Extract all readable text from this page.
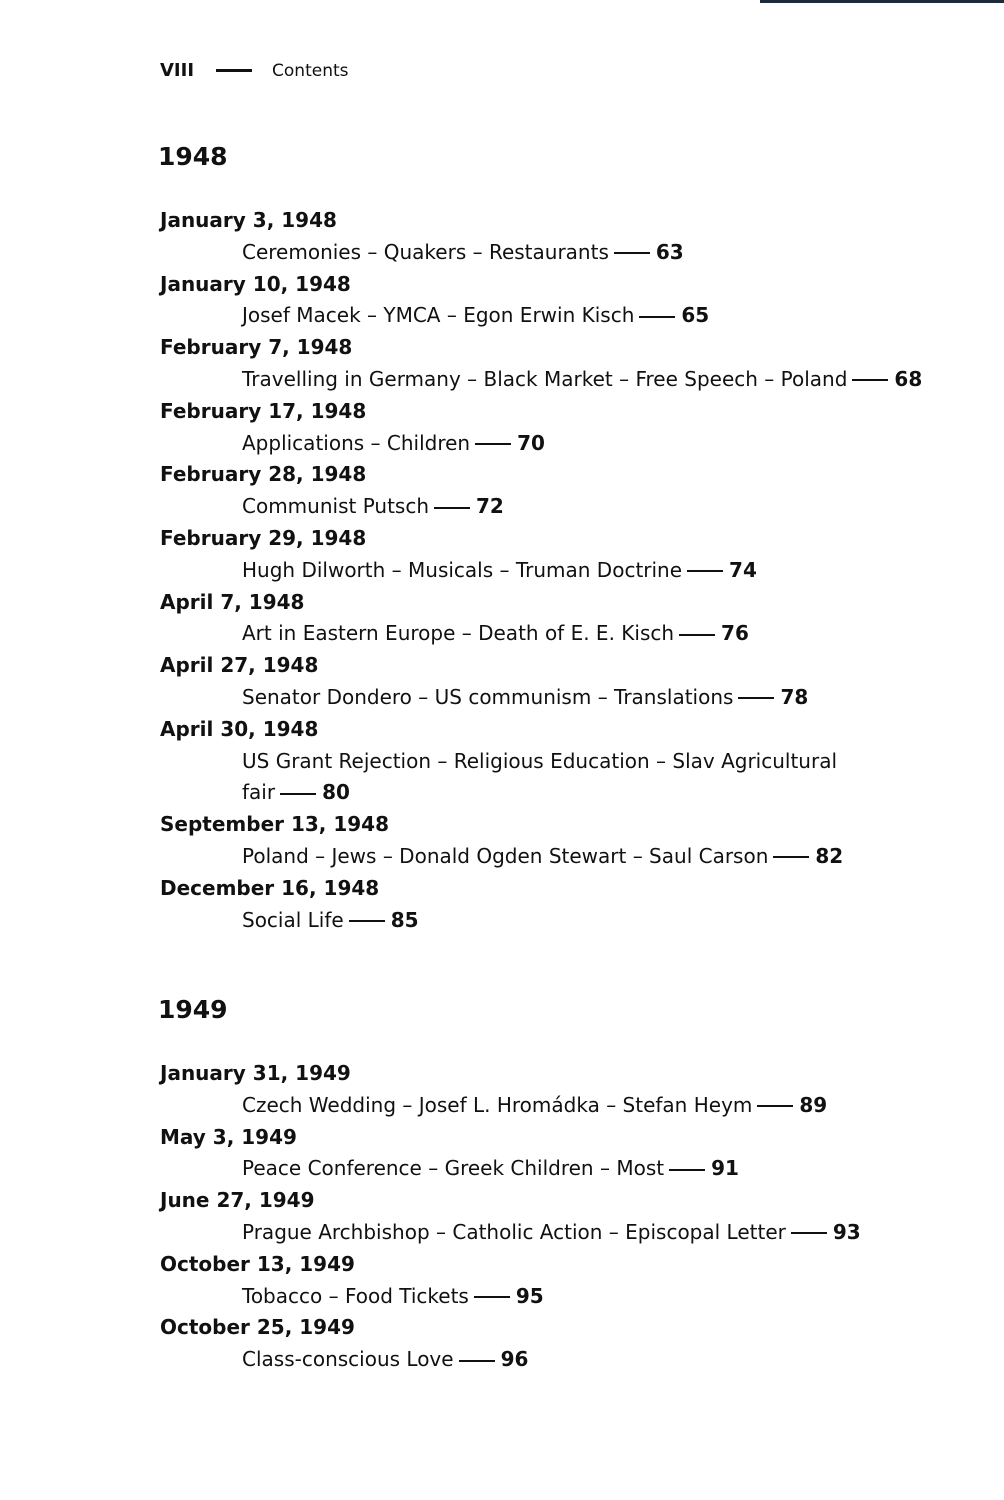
VIII	Contents
1948
January 3, 1948
Ceremonies – Quakers – Restaurants 63
January 10, 1948
Josef Macek – YMCA – Egon Erwin Kisch 65
February 7, 1948
Travelling in Germany – Black Market – Free Speech – Poland 68
February 17, 1948
Applications – Children 70
February 28, 1948
Communist Putsch 72
February 29, 1948
Hugh Dilworth – Musicals – Truman Doctrine 74
April 7, 1948
Art in Eastern Europe – Death of E. E. Kisch 76
April 27, 1948
Senator Dondero – US communism – Translations 78
April 30, 1948
US Grant Rejection – Religious Education – Slav Agricultural fair 80
September 13, 1948
Poland – Jews – Donald Ogden Stewart – Saul Carson 82
December 16, 1948
Social Life 85
1949
January 31, 1949
Czech Wedding – Josef L. Hromádka – Stefan Heym 89
May 3, 1949
Peace Conference – Greek Children – Most 91
June 27, 1949
Prague Archbishop – Catholic Action – Episcopal Letter 93
October 13, 1949
Tobacco – Food Tickets 95
October 25, 1949
Class-conscious Love 96
